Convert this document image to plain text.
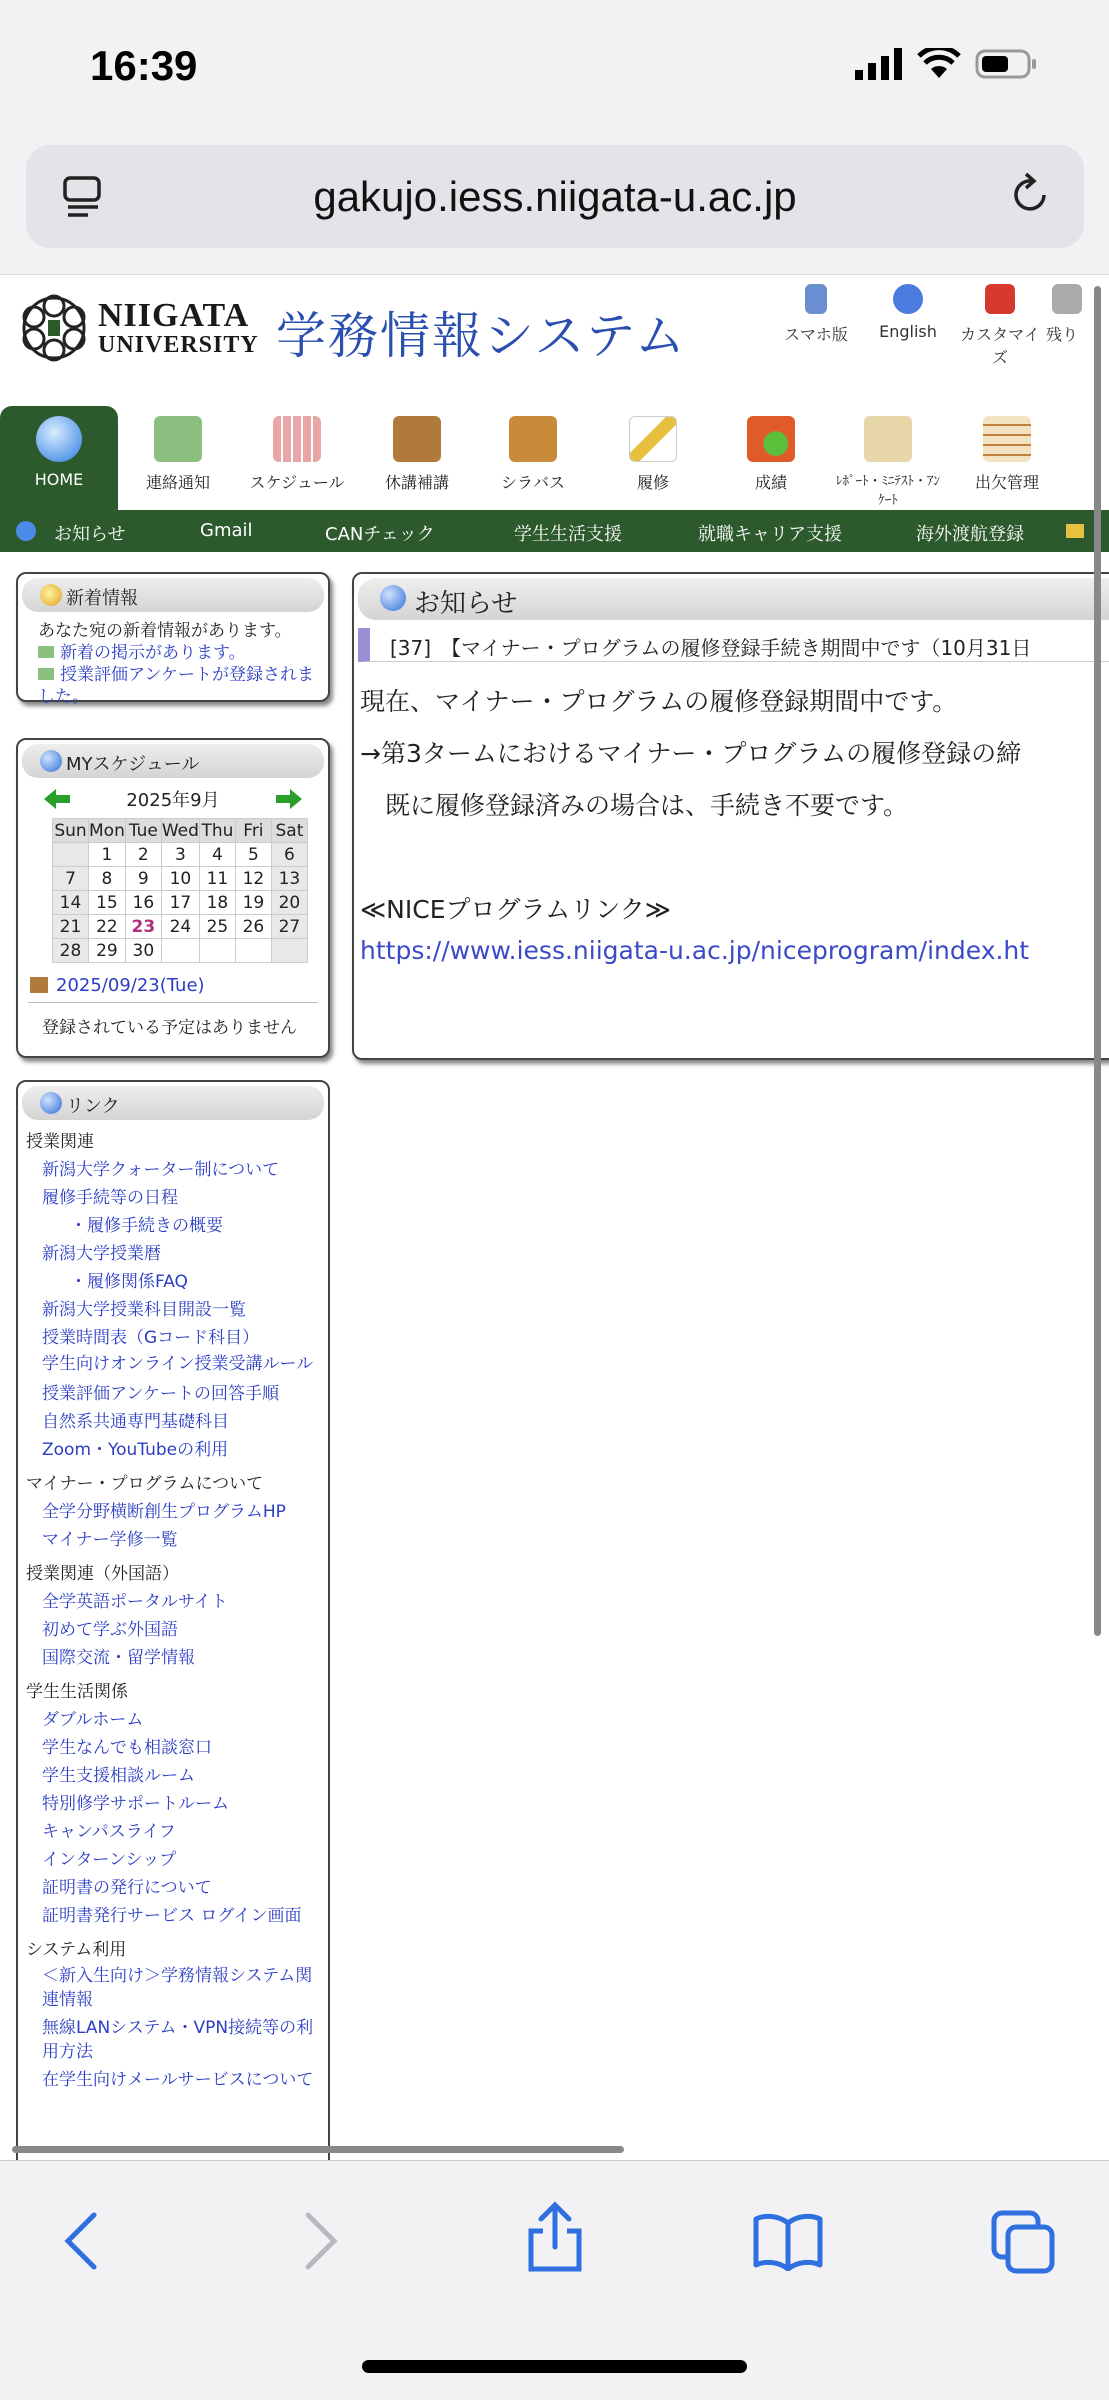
16:39
gakujo.iess.niigata-u.ac.jp
NIIGATA
UNIVERSITY 学務情報システム	スマホ版	English	カスタマイズ
残り
HOME	連絡通知	スケジュール	休講補講	シラバス	履修	成績	ﾚﾎﾟｰﾄ・ﾐﾆﾃｽﾄ・ｱﾝｹｰﾄ
出欠管理
お知らせ	Gmail	CANチェック	学生生活支援	就職キャリア支援	海外渡航登録
新着情報
あなた宛の新着情報があります。
新着の掲示があります。
授業評価アンケートが登録されました。
MYスケジュール
2025年9月
Sun	Mon	Tue	Wed	Thu	Fri	Sat
	1	2	3	4	5	6
7	8	9	10	11	12	13
14	15	16	17	18	19	20
21	22	23	24	25	26	27
28	29	30				
2025/09/23(Tue)
登録されている予定はありません
リンク
授業関連
新潟大学クォーター制について
履修手続等の日程
・履修手続きの概要
新潟大学授業暦
・履修関係FAQ
新潟大学授業科目開設一覧
授業時間表（Gコード科目）
学生向けオンライン授業受講ルール
授業評価アンケートの回答手順
自然系共通専門基礎科目
Zoom・YouTubeの利用
マイナー・プログラムについて
全学分野横断創生プログラムHP
マイナー学修一覧
授業関連（外国語）
全学英語ポータルサイト
初めて学ぶ外国語
国際交流・留学情報
学生生活関係
ダブルホーム
学生なんでも相談窓口
学生支援相談ルーム
特別修学サポートルーム
キャンパスライフ
インターンシップ
証明書の発行について
証明書発行サービス ログイン画面
システム利用
＜新入生向け＞学務情報システム関連情報
無線LANシステム・VPN接続等の利用方法
在学生向けメールサービスについて
お知らせ
[37]　【マイナー・プログラムの履修登録手続き期間中です（10月31日
現在、マイナー・プログラムの履修登録期間中です。
→第3タームにおけるマイナー・プログラムの履修登録の締
　既に履修登録済みの場合は、手続き不要です。
≪NICEプログラムリンク≫
https://www.iess.niigata-u.ac.jp/niceprogram/index.ht
